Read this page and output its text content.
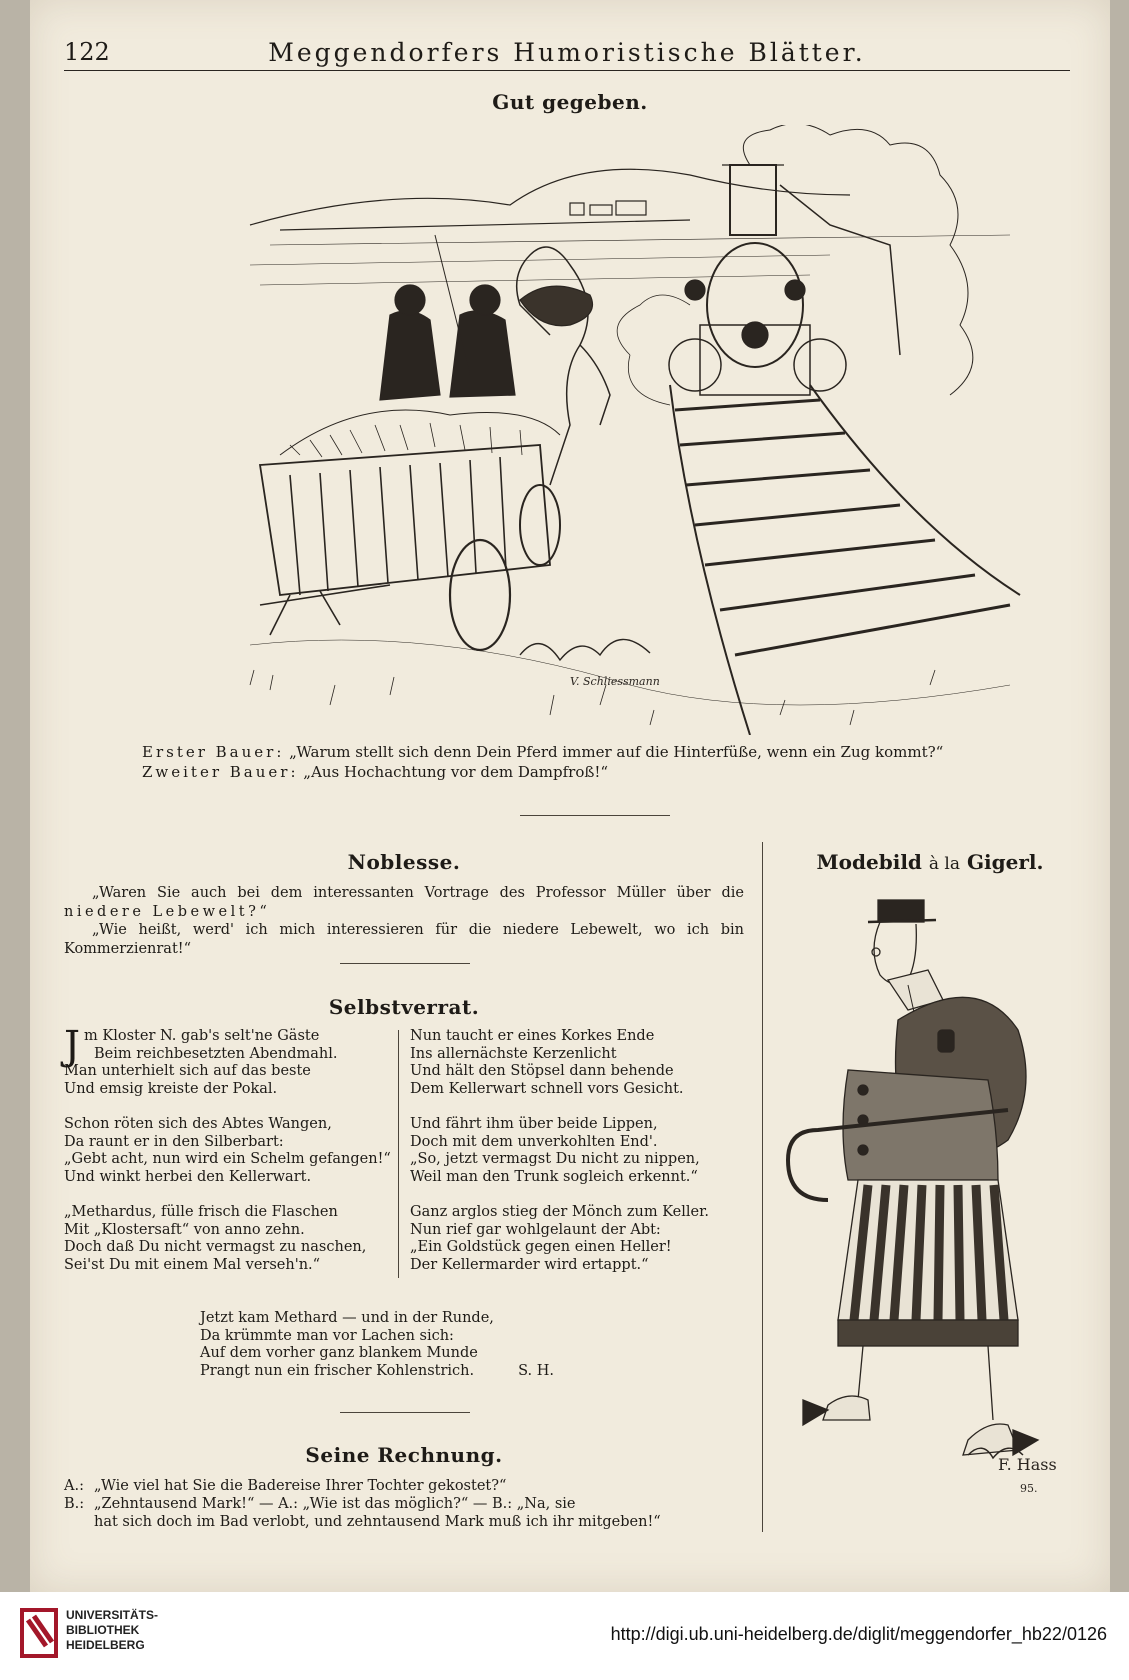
122	Meggendorfers Humoristische Blätter.
Gut gegeben.
V. Schliessmann
Erster Bauer: „Warum stellt sich denn Dein Pferd immer auf die Hinterfüße, wenn ein Zug kommt?“
Zweiter Bauer: „Aus Hochachtung vor dem Dampfroß!“
Noblesse.
„Waren Sie auch bei dem interessanten Vortrage des Professor Müller über die niedere Lebewelt?“
„Wie heißt, werd' ich mich interessieren für die niedere Lebewelt, wo ich bin Kommerzienrat!“
Selbstverrat.
Jm Kloster N. gab's selt'ne Gäste
Beim reichbesetzten Abendmahl.
Man unterhielt sich auf das beste
Und emsig kreiste der Pokal.
Schon röten sich des Abtes Wangen,
Da raunt er in den Silberbart:
„Gebt acht, nun wird ein Schelm gefangen!“
Und winkt herbei den Kellerwart.
„Methardus, fülle frisch die Flaschen
Mit „Klostersaft“ von anno zehn.
Doch daß Du nicht vermagst zu naschen,
Sei'st Du mit einem Mal verseh'n.“
Nun taucht er eines Korkes Ende
Ins allernächste Kerzenlicht
Und hält den Stöpsel dann behende
Dem Kellerwart schnell vors Gesicht.
Und fährt ihm über beide Lippen,
Doch mit dem unverkohlten End'.
„So, jetzt vermagst Du nicht zu nippen,
Weil man den Trunk sogleich erkennt.“
Ganz arglos stieg der Mönch zum Keller.
Nun rief gar wohlgelaunt der Abt:
„Ein Goldstück gegen einen Heller!
Der Kellermarder wird ertappt.“
Jetzt kam Methard — und in der Runde,
Da krümmte man vor Lachen sich:
Auf dem vorher ganz blankem Munde
Prangt nun ein frischer Kohlenstrich.	S. H.
Seine Rechnung.
A.: „Wie viel hat Sie die Badereise Ihrer Tochter gekostet?“
B.: „Zehntausend Mark!“ — A.: „Wie ist das möglich?“ — B.: „Na, sie
hat sich doch im Bad verlobt, und zehntausend Mark muß ich ihr mitgeben!“
Modebild à la Gigerl.
F. Hass
95.
UNIVERSITÄTS-
BIBLIOTHEK
HEIDELBERG
http://digi.ub.uni-heidelberg.de/diglit/meggendorfer_hb22/0126
